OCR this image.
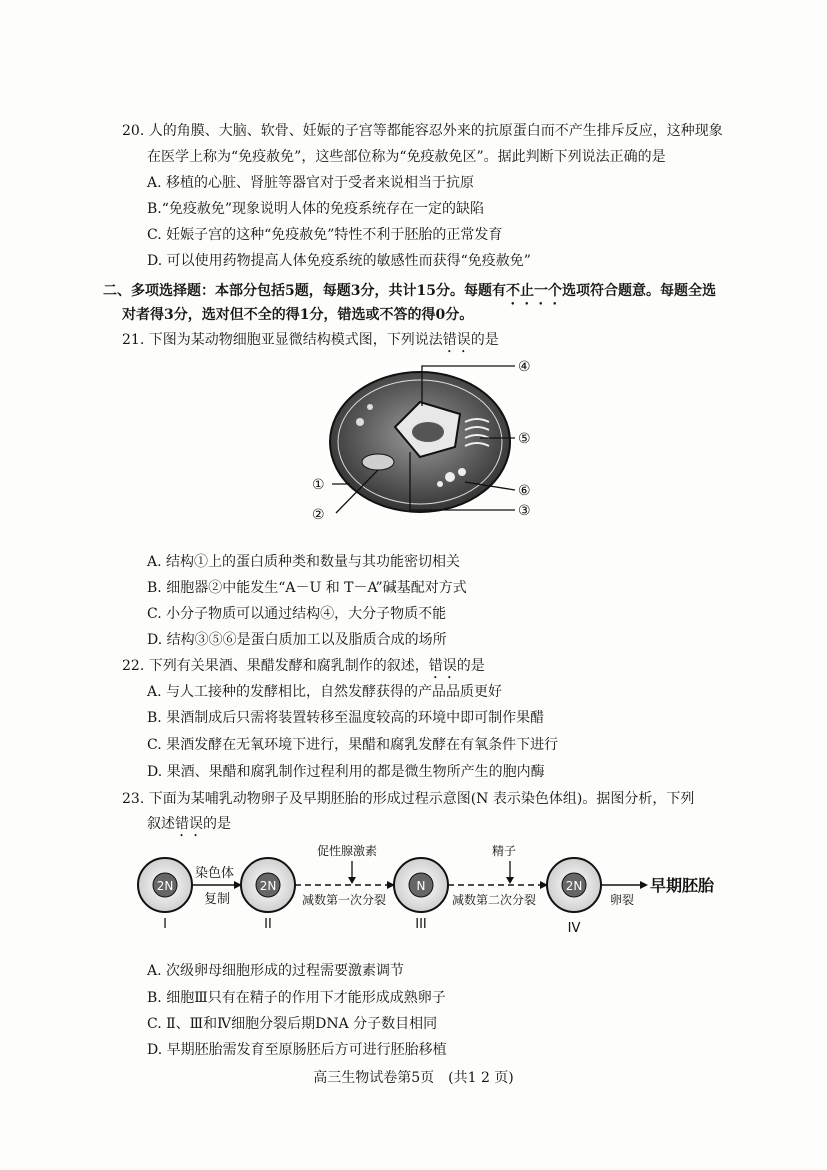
20. 人的角膜、大脑、软骨、妊娠的子宫等都能容忍外来的抗原蛋白而不产生排斥反应，这种现象
在医学上称为“免疫赦免”，这些部位称为“免疫赦免区”。据此判断下列说法正确的是
A. 移植的心脏、肾脏等器官对于受者来说相当于抗原
B.“免疫赦免”现象说明人体的免疫系统存在一定的缺陷
C. 妊娠子宫的这种“免疫赦免”特性不利于胚胎的正常发育
D. 可以使用药物提高人体免疫系统的敏感性而获得“免疫赦免”
二、多项选择题：本部分包括5题，每题3分，共计15分。每题有不止一个选项符合题意。每题全选
对者得3分，选对但不全的得1分，错选或不答的得0分。
21. 下图为某动物细胞亚显微结构模式图，下列说法错误的是
④
⑤
⑥
③
①
②
A. 结构①上的蛋白质种类和数量与其功能密切相关
B. 细胞器②中能发生“A－U 和 T－A”碱基配对方式
C. 小分子物质可以通过结构④，大分子物质不能
D. 结构③⑤⑥是蛋白质加工以及脂质合成的场所
22. 下列有关果酒、果醋发酵和腐乳制作的叙述，错误的是
A. 与人工接种的发酵相比，自然发酵获得的产品品质更好
B. 果酒制成后只需将装置转移至温度较高的环境中即可制作果醋
C. 果酒发酵在无氧环境下进行，果醋和腐乳发酵在有氧条件下进行
D. 果酒、果醋和腐乳制作过程利用的都是微生物所产生的胞内酶
23. 下面为某哺乳动物卵子及早期胚胎的形成过程示意图(N 表示染色体组)。据图分析，下列
叙述错误的是
2N
I
染色体
复制
2N
II
减数第一次分裂
促性腺激素
N
III
减数第二次分裂
精子
2N
IV
卵裂
早期胚胎
A. 次级卵母细胞形成的过程需要激素调节
B. 细胞Ⅲ只有在精子的作用下才能形成成熟卵子
C. Ⅱ、Ⅲ和Ⅳ细胞分裂后期DNA 分子数目相同
D. 早期胚胎需发育至原肠胚后方可进行胚胎移植
高三生物试卷第5页　(共1 2 页)
